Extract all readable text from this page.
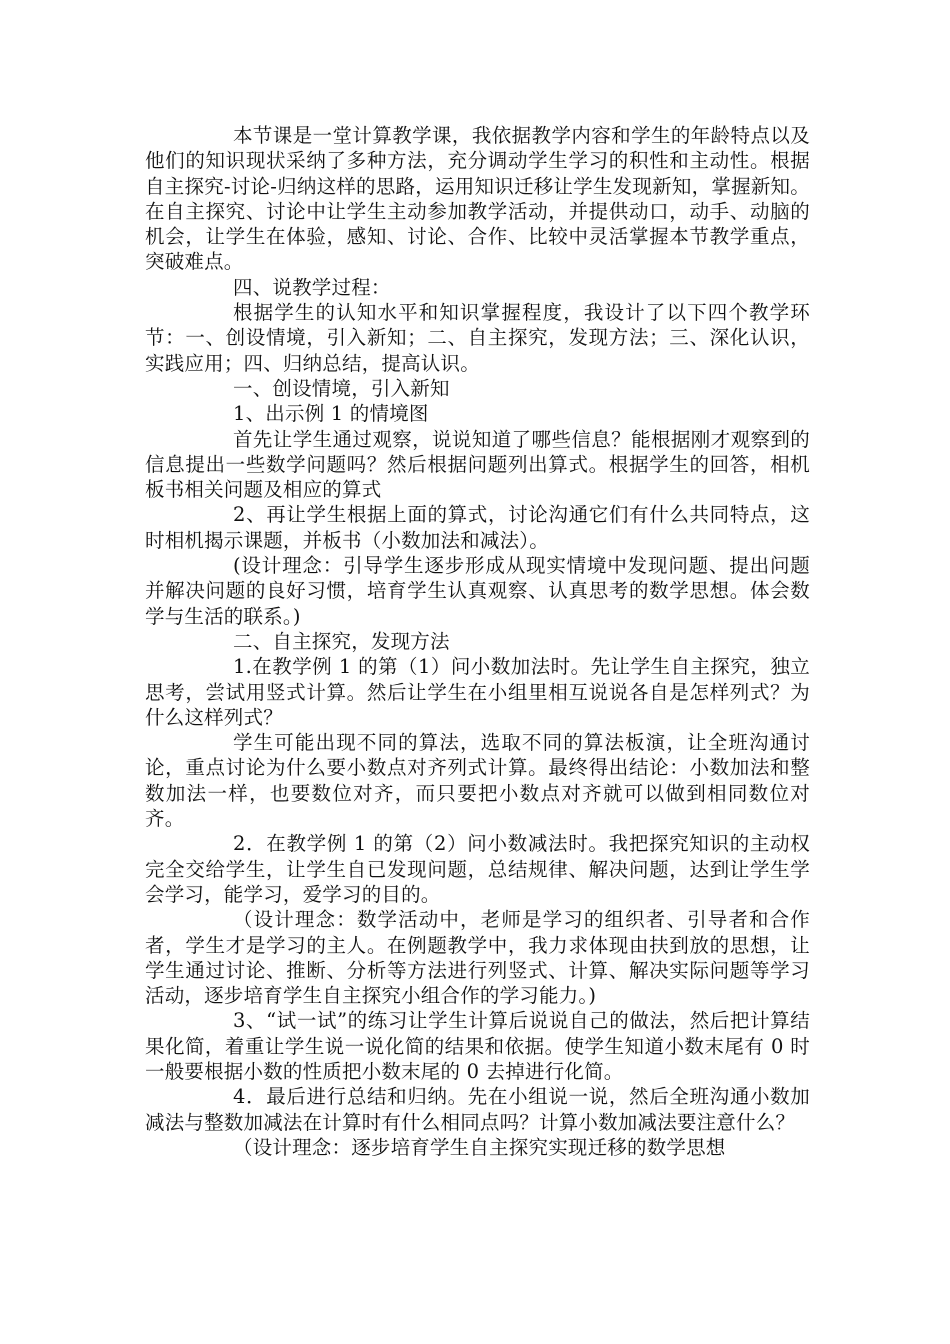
本节课是一堂计算教学课，我依据教学内容和学生的年龄特点以及他们的知识现状采纳了多种方法，充分调动学生学习的积性和主动性。根据自主探究-讨论-归纳这样的思路，运用知识迁移让学生发现新知，掌握新知。在自主探究、讨论中让学生主动参加教学活动，并提供动口，动手、动脑的机会，让学生在体验，感知、讨论、合作、比较中灵活掌握本节教学重点，突破难点。

四、说教学过程：

根据学生的认知水平和知识掌握程度，我设计了以下四个教学环节：一、创设情境，引入新知；二、自主探究，发现方法；三、深化认识，实践应用；四、归纳总结，提高认识。

一、创设情境，引入新知

1、出示例 1 的情境图

首先让学生通过观察，说说知道了哪些信息？能根据刚才观察到的信息提出一些数学问题吗？然后根据问题列出算式。根据学生的回答，相机板书相关问题及相应的算式

2、再让学生根据上面的算式，讨论沟通它们有什么共同特点，这时相机揭示课题，并板书（小数加法和减法）。

(设计理念：引导学生逐步形成从现实情境中发现问题、提出问题并解决问题的良好习惯，培育学生认真观察、认真思考的数学思想。体会数学与生活的联系。)

二、自主探究，发现方法

1.在教学例 1 的第（1）问小数加法时。先让学生自主探究，独立思考，尝试用竖式计算。然后让学生在小组里相互说说各自是怎样列式？为什么这样列式？

学生可能出现不同的算法，选取不同的算法板演，让全班沟通讨论，重点讨论为什么要小数点对齐列式计算。最终得出结论：小数加法和整数加法一样，也要数位对齐，而只要把小数点对齐就可以做到相同数位对齐。

2．在教学例 1 的第（2）问小数减法时。我把探究知识的主动权完全交给学生，让学生自已发现问题，总结规律、解决问题，达到让学生学会学习，能学习，爱学习的目的。

（设计理念：数学活动中，老师是学习的组织者、引导者和合作者，学生才是学习的主人。在例题教学中，我力求体现由扶到放的思想，让学生通过讨论、推断、分析等方法进行列竖式、计算、解决实际问题等学习活动，逐步培育学生自主探究小组合作的学习能力。)

3、“试一试”的练习让学生计算后说说自己的做法，然后把计算结果化简，着重让学生说一说化简的结果和依据。使学生知道小数末尾有 0 时一般要根据小数的性质把小数末尾的 0 去掉进行化简。

4．最后进行总结和归纳。先在小组说一说，然后全班沟通小数加减法与整数加减法在计算时有什么相同点吗？计算小数加减法要注意什么？

（设计理念：逐步培育学生自主探究实现迁移的数学思想
